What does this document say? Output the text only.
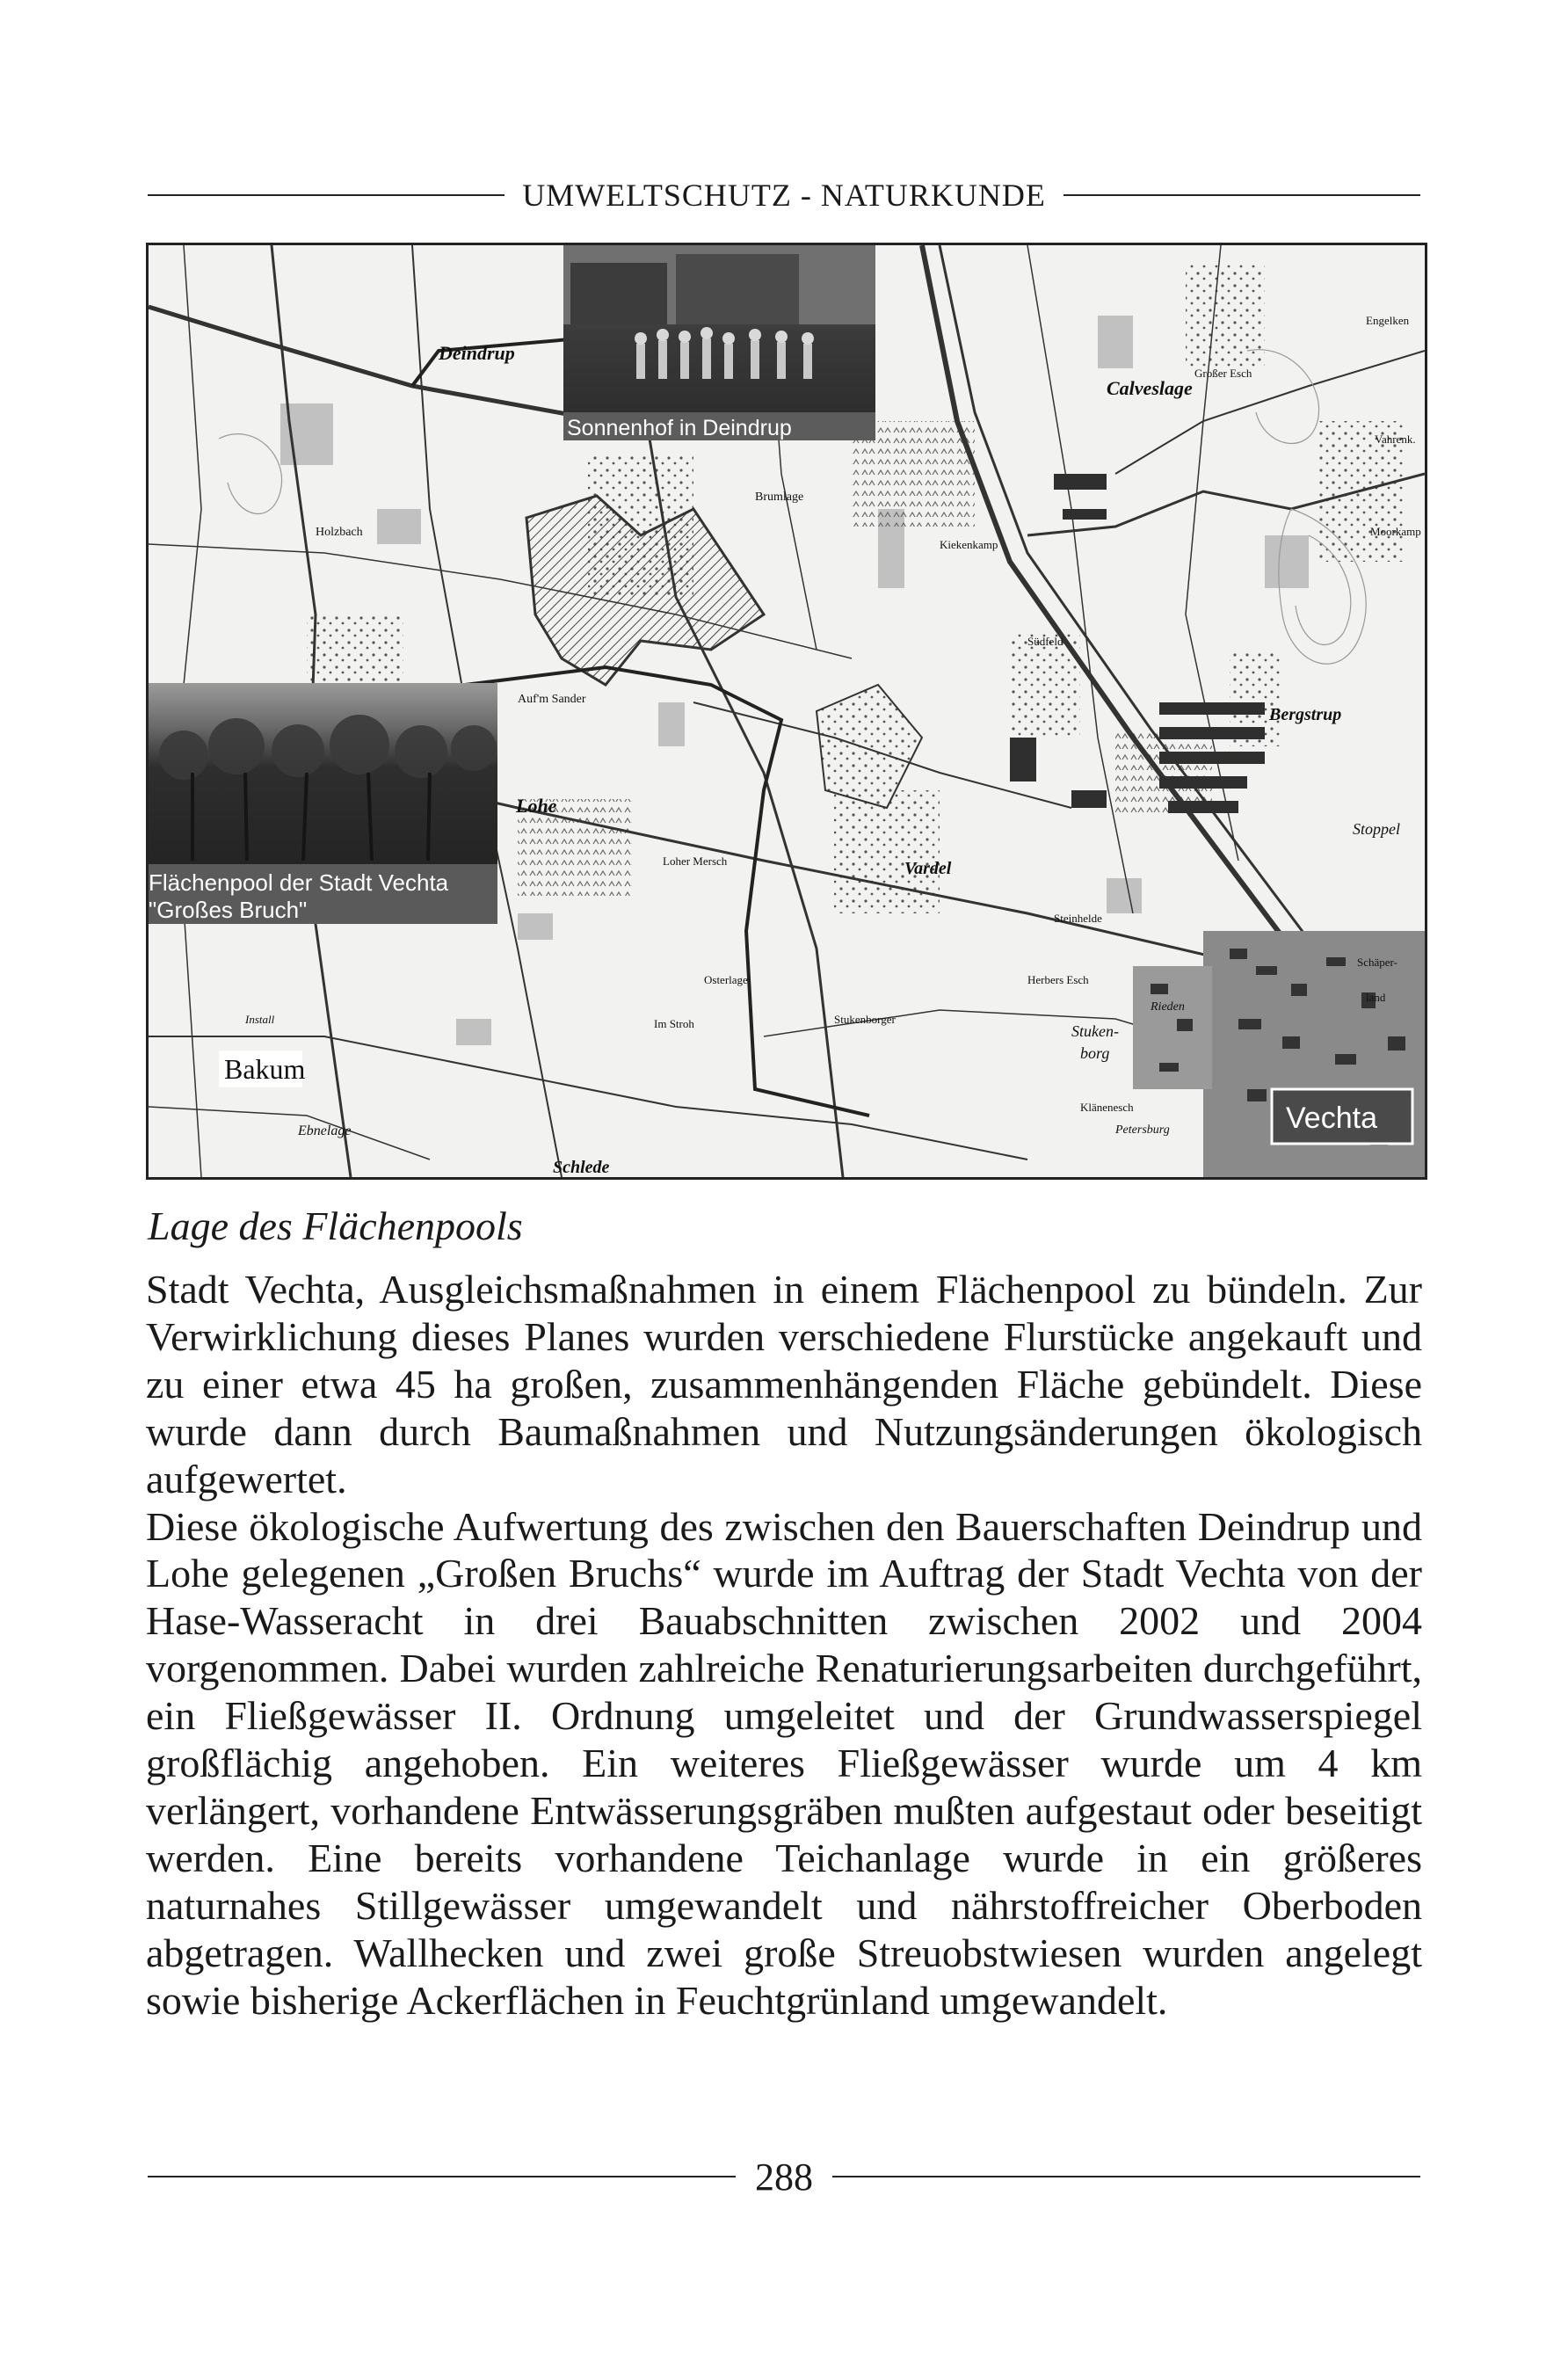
UMWELTSCHUTZ - NATURKUNDE
Sonnenhof in Deindrup
Flächenpool der Stadt Vechta
"Großes Bruch"
Vechta
Bakum
Deindrup
Calveslage
Lohe
Vardel
Bergstrup
Stoppel
Holzbach
Brumlage
Auf'm Sander
Stuken-
borg
Ebnelage
Schlede
Engelken
Großer Esch
Südfeld
Steinhelde
Herbers Esch
Stukenborger
Osterlage
Im Stroh
Loher Mersch
Kiekenkamp
Klänenesch
Petersburg
Rieden
Schäper-
land
Moorkamp
Vahrenk.
Install
Lage des Flächenpools

Stadt Vechta, Ausgleichsmaßnahmen in einem Flächenpool zu bündeln. Zur Verwirklichung dieses Planes wurden verschiedene Flurstücke angekauft und zu einer etwa 45 ha großen, zusammenhängenden Fläche gebündelt. Diese wurde dann durch Baumaßnahmen und Nutzungsänderungen ökologisch aufgewertet.

Diese ökologische Aufwertung des zwischen den Bauerschaften Deindrup und Lohe gelegenen „Großen Bruchs“ wurde im Auftrag der Stadt Vechta von der Hase-Wasseracht in drei Bauabschnitten zwischen 2002 und 2004 vorgenommen. Dabei wurden zahlreiche Renaturierungsarbeiten durchgeführt, ein Fließgewässer II. Ordnung umgeleitet und der Grundwasserspiegel großflächig angehoben. Ein weiteres Fließgewässer wurde um 4 km verlängert, vorhandene Entwässerungsgräben mußten aufgestaut oder beseitigt werden. Eine bereits vorhandene Teichanlage wurde in ein größeres naturnahes Stillgewässer umgewandelt und nährstoffreicher Oberboden abgetragen. Wallhecken und zwei große Streuobstwiesen wurden angelegt sowie bisherige Ackerflächen in Feuchtgrünland umgewandelt.

288
